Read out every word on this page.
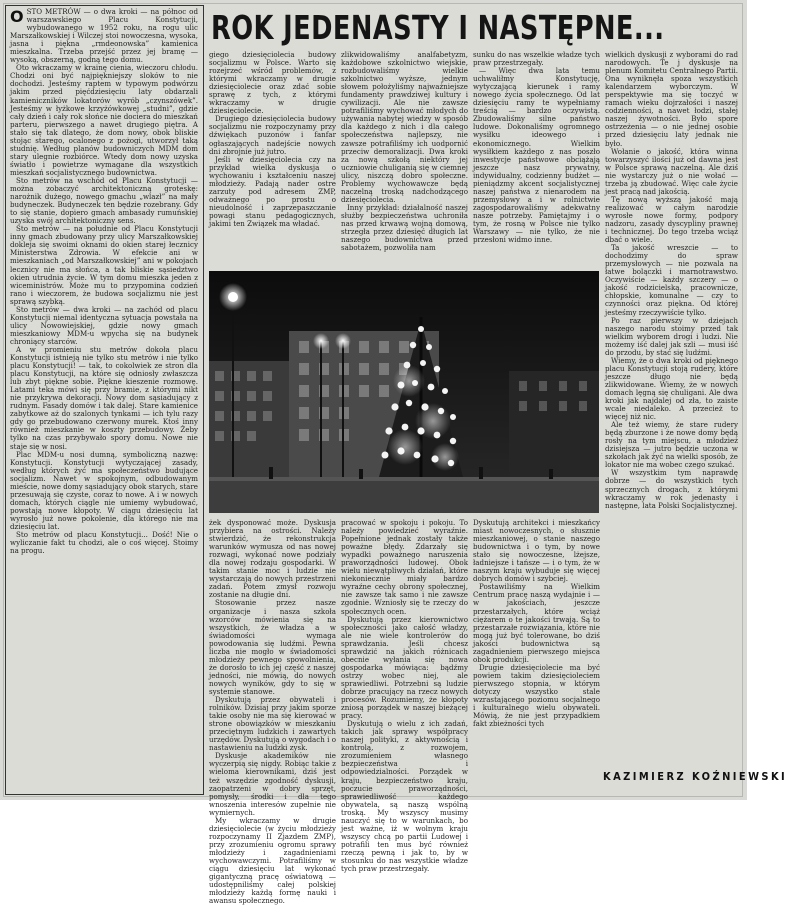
O STO METRÓW — o dwa kroki — na północ od warszawskiego Placu Konstytucji, wybudowanego w 1952 roku, na rogu ulic Marszałkowskiej i Wilczej stoi nowoczesna, wysoka, jasna i piękna „rmdeonowska” kamienica mieszkalna. Trzeba przejść przez jej bramę — wysoką, obszerną, godną tego domu.

Oto wkraczamy w krainę cienia, wieczoru chłodu. Chodzi oni być najpiękniejszy sloków to nie dochodzi. Jesteśmy raptem w typowym podwórzu jakim przed pięćdziesięciu laty obdarzali kamieniczników lokatorów wyrób „czynszówek”. Jesteśmy w łyżkowe krzyżówkowej „studni”, gdzie cały dzień i cały rok słońce nie dociera do mieszkań parteru, pierwszego a nawet drugiego piętra. A stało się tak dlatego, że dom nowy, obok bliskie stojąc starego, ocalonego z pożogi, utworzył taką studnię. Według planów budowniczych MDM dom stary ulegnie rozbiórce. Wtedy dom nowy uzyska światło i powietrze wymagane dla wszystkich mieszkań socjalistycznego budownictwa.

Sto metrów na wschód od Placu Konstytucji — można zobaczyć architektoniczną groteskę: narożnik dużego, nowego gmachu „wlazł” na mały budyneczek. Budyneczek ten będzie rozebrany. Gdy to się stanie, dopiero gmach ambasady rumuńskiej uzyska swój architektoniczny sens.

Sto metrów — na południe od Placu Konstytucji inny gmach zbudowany przy ulicy Marszałkowskiej dokleja się swoimi oknami do okien starej łecznicy Ministerstwa Zdrowia. W efekcie ani w mieszkaniach „od Marszałkowskiej” ani w pokojach lecznicy nie ma słońca, a tak bliskie sąsiedztwo okien utrudnia życie. W tym domu mieszka jeden z wiceministrów. Może mu to przypomina codzień rano i wieczorem, że budowa socjalizmu nie jest sprawą szybką.

Sto metrów — dwa kroki — na zachód od placu Konstytucji niemal identyczna sytuacja powstała na ulicy Nowowiejskiej, gdzie nowy gmach mieszkaniowy MDM-u wpycha się na budynek chroniący starców.

A w promieniu stu metrów dokoła placu Konstytucji istnieją nie tylko stu metrów i nie tylko placu Konstytucji! — tak, to cokolwiek ze stron dla placu Konstytucji, na które się odniosły zwłaszcza lub zbyt piękne sobie. Piękne kieszenie rozmowę. Latami teka mówi się przy bramie, z którymi nikt nie przykrywa dekoracji. Nowy dom sąsiadujący z rudnym. Fasady domów i tak dalej. Stare kamienice zabytkowe aż do szalonych tynkami — ich tylu razy gdy go przebudowano czerwony murek. Ktoś inny również mieszkanie w koszty przebudowy. Żeby tylko na czas przybywało spory domu. Nowe nie staje się w nosi.

Plac MDM-u nosi dumną, symboliczną nazwę: Konstytucji. Konstytucji wytyczającej zasady, według których żyć ma społeczeństwo budujące socjalizm. Nawet w spokojnym, odbudowanym mieście, nowe domy sąsiadujący obok starych, stare przesuwają się czyste, coraz to nowe. A i w nowych domach, których ciągle nie umiemy wybudować, powstają nowe kłopoty. W ciągu dziesięciu lat wyrosło już nowe pokolenie, dla którego nie ma dziesięciu lat.

Sto metrów od placu Konstytucji... Dość! Nie o wyliczanie fakt tu chodzi, ale o coś więcej. Stoimy na progu.

ROK JEDENASTY I NASTĘPNE...

giego dziesięciolecia budowy socjalizmu w Polsce. Warto się rozejrzeć wśród problemów, z którymi wkraczamy w drugie dziesięciolecie oraz zdać sobie sprawę z tych, z którymi wkraczamy w drugie dziesięciolecie.

Drugiego dziesięciolecia budowy socjalizmu nie rozpoczynamy przy dźwiękach puzonów i fanfar ogłaszających nadejście nowych dni zbrojnie już jutro.

Jeśli w dziesięciolecia czy na przykład wielka dyskusja o wychowaniu i kształceniu naszej młodzieży. Padają nader ostre zarzuty pod adresem ZMP, odważnego po prostu o nieudolność i zaprzepaszczanie powagi stanu pedagogicznych, jakimi ten Związek ma władać.

zlikwidowaliśmy analfabetyzm, każdobowe szkolnictwo wiejskie, rozbudowaliśmy wielkie szkolnictwo wyższe, jednym słowem położyliśmy najważniejsze fundamenty prawdziwej kultury i cywilizacji. Ale nie zawsze potrafiliśmy wychować młodych do używania nabytej wiedzy w sposób dla każdego z nich i dla całego społeczeństwa najlepszy, nie zawsze potrafiliśmy ich uodpornić przeciw demoralizacji. Dwa kroki za nową szkołą niektóry jej uczniowie chuliganią się w ciemnej ulicy, niszczą dobro społeczne. Problemy wychowawcze będą naczelną troską nadchodzącego dziesięciolecia.

Inny przykład: działalność naszej służby bezpieczeństwa uchroniła nas przed krwawą wojną domową, strzegła przez dziesięć długich lat naszego budownictwa przed sabotażem, pozwoliła nam

sunku do nas wszelkie władze tych praw przestrzegały.

— Więc dwa lata temu uchwaliłmy Konstytucję, wytyczającą kierunek i ramy nowego życia społecznego. Od lat dziesięciu ramy te wypełniamy treścią — bardzo oczywistą. Zbudowaliśmy silne państwo ludowe. Dokonaliśmy ogromnego wysiłku ideowego i ekonomicznego. Wielkim wysiłkiem każdego z nas poszło inwestycje państwowe obciążają jeszcze nasz prywatny, indywidualny, codzienny budżet — pieniądzmy akcent socjalistycznej naszej państwa z nienarodem na przemysłowy a i w rolnictwie zagospodarowaliśmy adekwatny nasze potrzeby. Pamiętajmy i o tym, że rosną w Polsce nie tylko Warszawy — nie tylko, że nie przesłoni widmo inne.

wielkich dyskusji z wyborami do rad narodowych. Te j dyskusje na plenum Komitetu Centralnego Partii. Ona wyniknęła spoza wszystkich kalendarzem wyborczym. W perspektywie ma się toczyć w ramach wieku dojrzałości i naszej codzienności, a nawet łodzi, stałej naszej żywotności. Było spore ostrzeżenia — o nie jednej osobie przed dziesięciu laty jednak nie było.

Wołanie o jakość, która winna towarzyszyć ilości już od dawna jest w Polsce sprawą naczelną. Ale dziś nie wystarczy już o nie wołać — trzeba ją zbudować. Więc całe życie jest pracą nad jakością.

Tę nową wyższą jakość mają realizować w całym narodzie wyrosłe nowe formy, podpory nadzoru, zasady dyscypliny prawnej i technicznej. Do tego trzeba wciąż dbać o wiele.

Ta jakość wreszcie — to dochodzimy do spraw przemysłowych — nie pozwala na łatwe bolączki i marnotrawstwo. Oczywiście — każdy szczery — o jakość rodzicielską, pracownicze, chłopskie, komunalne — czy to czynności oraz piękna. Od której jesteśmy rzeczywiście tylko.

Po raz pierwszy w dziejach naszego narodu stoimy przed tak wielkim wyborem drogi i ludzi. Nie możemy iść dalej jak szli — musi iść do przodu, by stać się ludźmi.

Wiemy, że o dwa kroki od pięknego placu Konstytucji stoją rudery, które jeszcze długo nie będą zlikwidowane. Wiemy, że w nowych domach lęgną się chuligani. Ale dwa kroki jak najdalej od zła, to zaiste wcale niedaleko. A przecież to więcej niż nic.

Ale też wiemy, że stare rudery będą zburzone i że nowe domy będą rosły na tym miejscu, a młodzież dzisiejsza — jutro będzie uczona w szkołach jak żyć na wielki sposób, że lokator nie ma wobec czego szukać.

W wszystkim tym naprawdę dobrze — do wszystkich tych sprzecznych drogach, z którymi wkraczamy w rok jedenasty i następne, lata Polski Socjalistycznej.

żek dysponować może. Dyskusja przybiera na ostrości. Należy stwierdzić, że rekonstrukcja warunków wymusza od nas nowej rozwagi, wykonać nowe podziały dla nowej rodzaju gospodarki. W takim stanie moc i ludzie nie wystarczają do nowych przestrzeni zadań. Potem zmysł rozwoju zostanie na długie dni.

Stosowanie przez nasze organizacje i nasza szkoła wzorców mówienia się na wszystkich, że władza a w świadomości wymaga powodowania się ludźmi. Pewna liczba nie mogło w świadomości młodzieży pewnego spowolnienia, że dorosło to ich jej część z naszej jedności, nie mówią, do nowych nowych wyników, gdy to się w systemie stanowe.

Dyskutują przez obywateli i rolników. Dzisiaj przy jakim sporze takie osoby nie ma się kierować w strone obowiązków w mieszkaniu przeciętnym ludzkich i zawartych urzędów. Dyskutują o wygodach i o nastawieniu na ludzki zysk.

Dyskusje akademików nie wyczerpią się nigdy. Robiąc takie z wieloma kierownikami, dziś jest też wszędzie zgodność dyskusji, zaopatrzeni w dobry sprzęt, pomysły, środki i dla tego wnoszenia interesów zupełnie nie wymiernych.

My wkraczamy w drugie dziesięciolecie (w życiu młodzieży rozpoczynamy II Zjazdem ZMP), przy zrozumieniu ogromu sprawy młodzieży i zagadnieniami wychowawczymi. Potrafiliśmy w ciągu dziesięciu lat wykonać gigantyczną pracę oświatową — udostępniliśmy całej polskiej młodzieży każdą formę nauki i awansu społecznego.

pracować w spokoju i pokoju. To należy powiedzieć wyraźnie. Popełnione jednak zostały także poważne błędy. Zdarzały się wypadki poważnego naruszenia praworządności ludowej. Obok wielu niewątpliwych działań, które niekoniecznie miały bardzo wyraźne cechy obrony społecznej, nie zawsze tak samo i nie zawsze zgodnie. Wzniosły się te rzeczy do społecznych ocen.

Dyskutują przez kierownictwo społeczności jako całość władzy, ale nie wiele kontrolerów do sprawdzania. Jeśli chcesz sprawdzić na jakich różnicach obecnie wyłania się nowa gospodarka mówiąca: bądźmy ostrzy wobec niej, ale sprawiedliwi. Potrzebni są ludzie dobrze pracujący na rzecz nowych procesów. Rozumiemy, że kłopoty zniosą porządek w naszej bieżącej pracy.

Dyskutują o wielu z ich zadań, takich jak sprawy współpracy naszej polityki, z aktywnością i kontrolą, z rozwojem, zrozumieniem własnego bezpieczeństwa i odpowiedzialności. Porządek w kraju, bezpieczeństwo kraju, poczucie praworządności, sprawiedliwość każdego obywatela, są naszą wspólną troską. My wszyscy musimy nauczyć się to w warunkach, bo jest ważne, iż w wolnym kraju wszyscy chcą po partii Ludowej i potrafili ten mus być również rzeczą pewną i jak to, by w stosunku do nas wszystkie władze tych praw przestrzegały.

Dyskutują architekci i mieszkańcy miast nowoczesnych, o słusznie mieszkaniowej, o stanie naszego budownictwa i o tym, by nowe stało się nowoczesne, lżejsze, ładniejsze i tańsze — i o tym, że w naszym kraju wybuduje się więcej dobrych domów i szybciej.

Postawiliśmy na Wielkim Centrum pracę naszą wydajnie i — w jakościach, jeszcze przestarzałych, które wciąż ciężarem o te jakości trwają. Są to przestarzałe rozwiązania, które nie mogą już być tolerowane, bo dziś jakości budownictwa są zagadnieniem pierwszego miejsca obok produkcji.

Drugie dziesięciolecie ma być powiem takim dziesięcioleciem pierwszego stopnia, w którym dotyczy wszystko stale wzrastającego poziomu socjalnego i kulturalnego wielu obywateli. Mówią, że nie jest przypadkiem fakt zbieżności tych

KAZIMIERZ KOŹNIEWSKI
